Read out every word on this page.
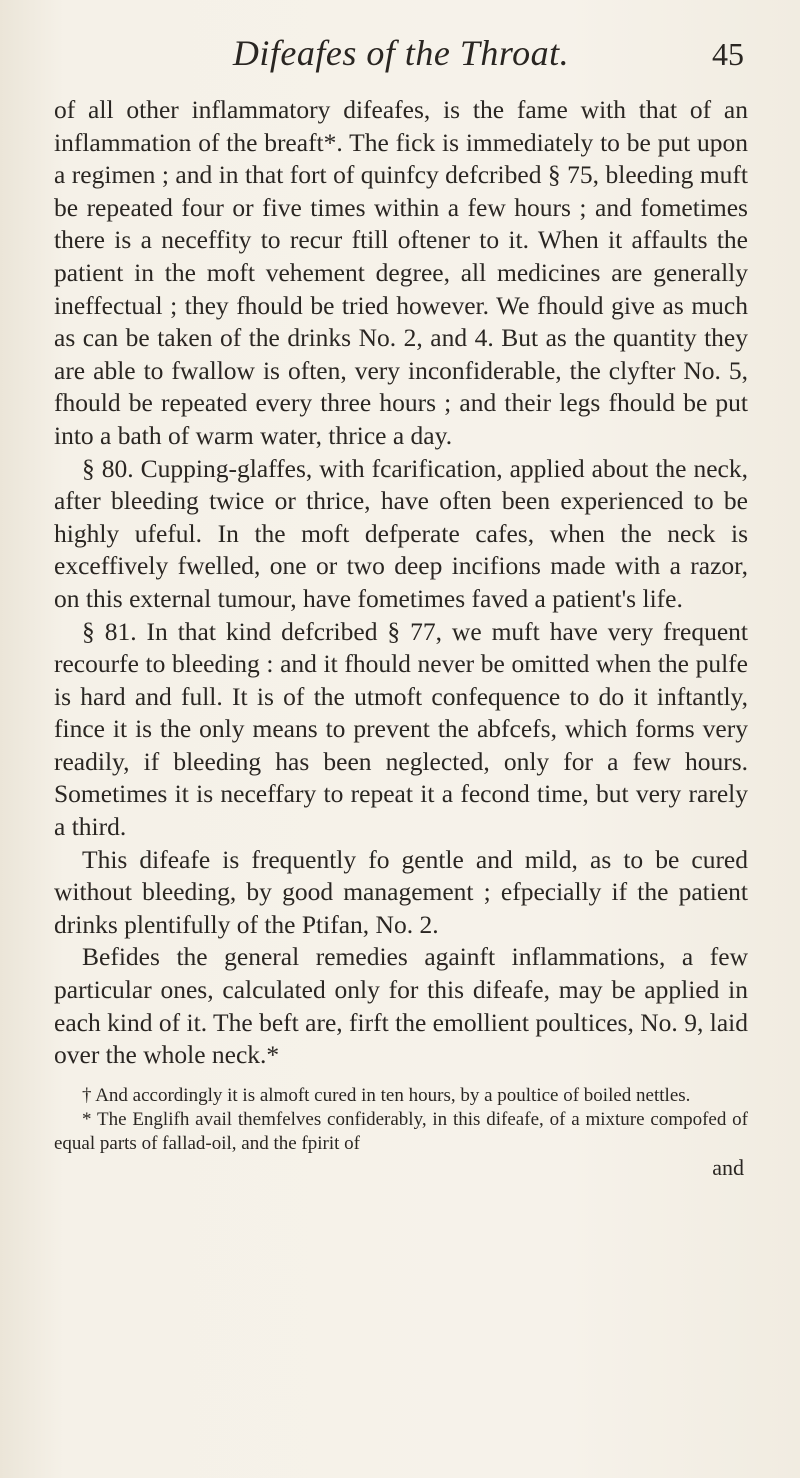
Difeafes of the Throat.	45

of all other inflammatory difeafes, is the fame with that of an inflammation of the breaft*. The fick is immediately to be put upon a regimen ; and in that fort of quinfcy defcribed § 75, bleeding muft be repeated four or five times within a few hours ; and fometimes there is a neceffity to recur ftill oftener to it. When it affaults the patient in the moft vehement degree, all medicines are generally ineffectual ; they fhould be tried however. We fhould give as much as can be taken of the drinks No. 2, and 4. But as the quantity they are able to fwallow is often, very inconfiderable, the clyfter No. 5, fhould be repeated every three hours ; and their legs fhould be put into a bath of warm water, thrice a day.

§ 80. Cupping-glaffes, with fcarification, applied about the neck, after bleeding twice or thrice, have often been experienced to be highly ufeful. In the moft defperate cafes, when the neck is exceffively fwelled, one or two deep incifions made with a razor, on this external tumour, have fometimes faved a patient's life.

§ 81. In that kind defcribed § 77, we muft have very frequent recourfe to bleeding : and it fhould never be omitted when the pulfe is hard and full. It is of the utmoft confequence to do it inftantly, fince it is the only means to prevent the abfcefs, which forms very readily, if bleeding has been neglected, only for a few hours. Sometimes it is neceffary to repeat it a fecond time, but very rarely a third.

This difeafe is frequently fo gentle and mild, as to be cured without bleeding, by good management ; efpecially if the patient drinks plentifully of the Ptifan, No. 2.

Befides the general remedies againft inflammations, a few particular ones, calculated only for this difeafe, may be applied in each kind of it. The beft are, firft the emollient poultices, No. 9, laid over the whole neck.*

† And accordingly it is almoft cured in ten hours, by a poultice of boiled nettles.

* The Englifh avail themfelves confiderably, in this difeafe, of a mixture compofed of equal parts of fallad-oil, and the fpirit of

and
